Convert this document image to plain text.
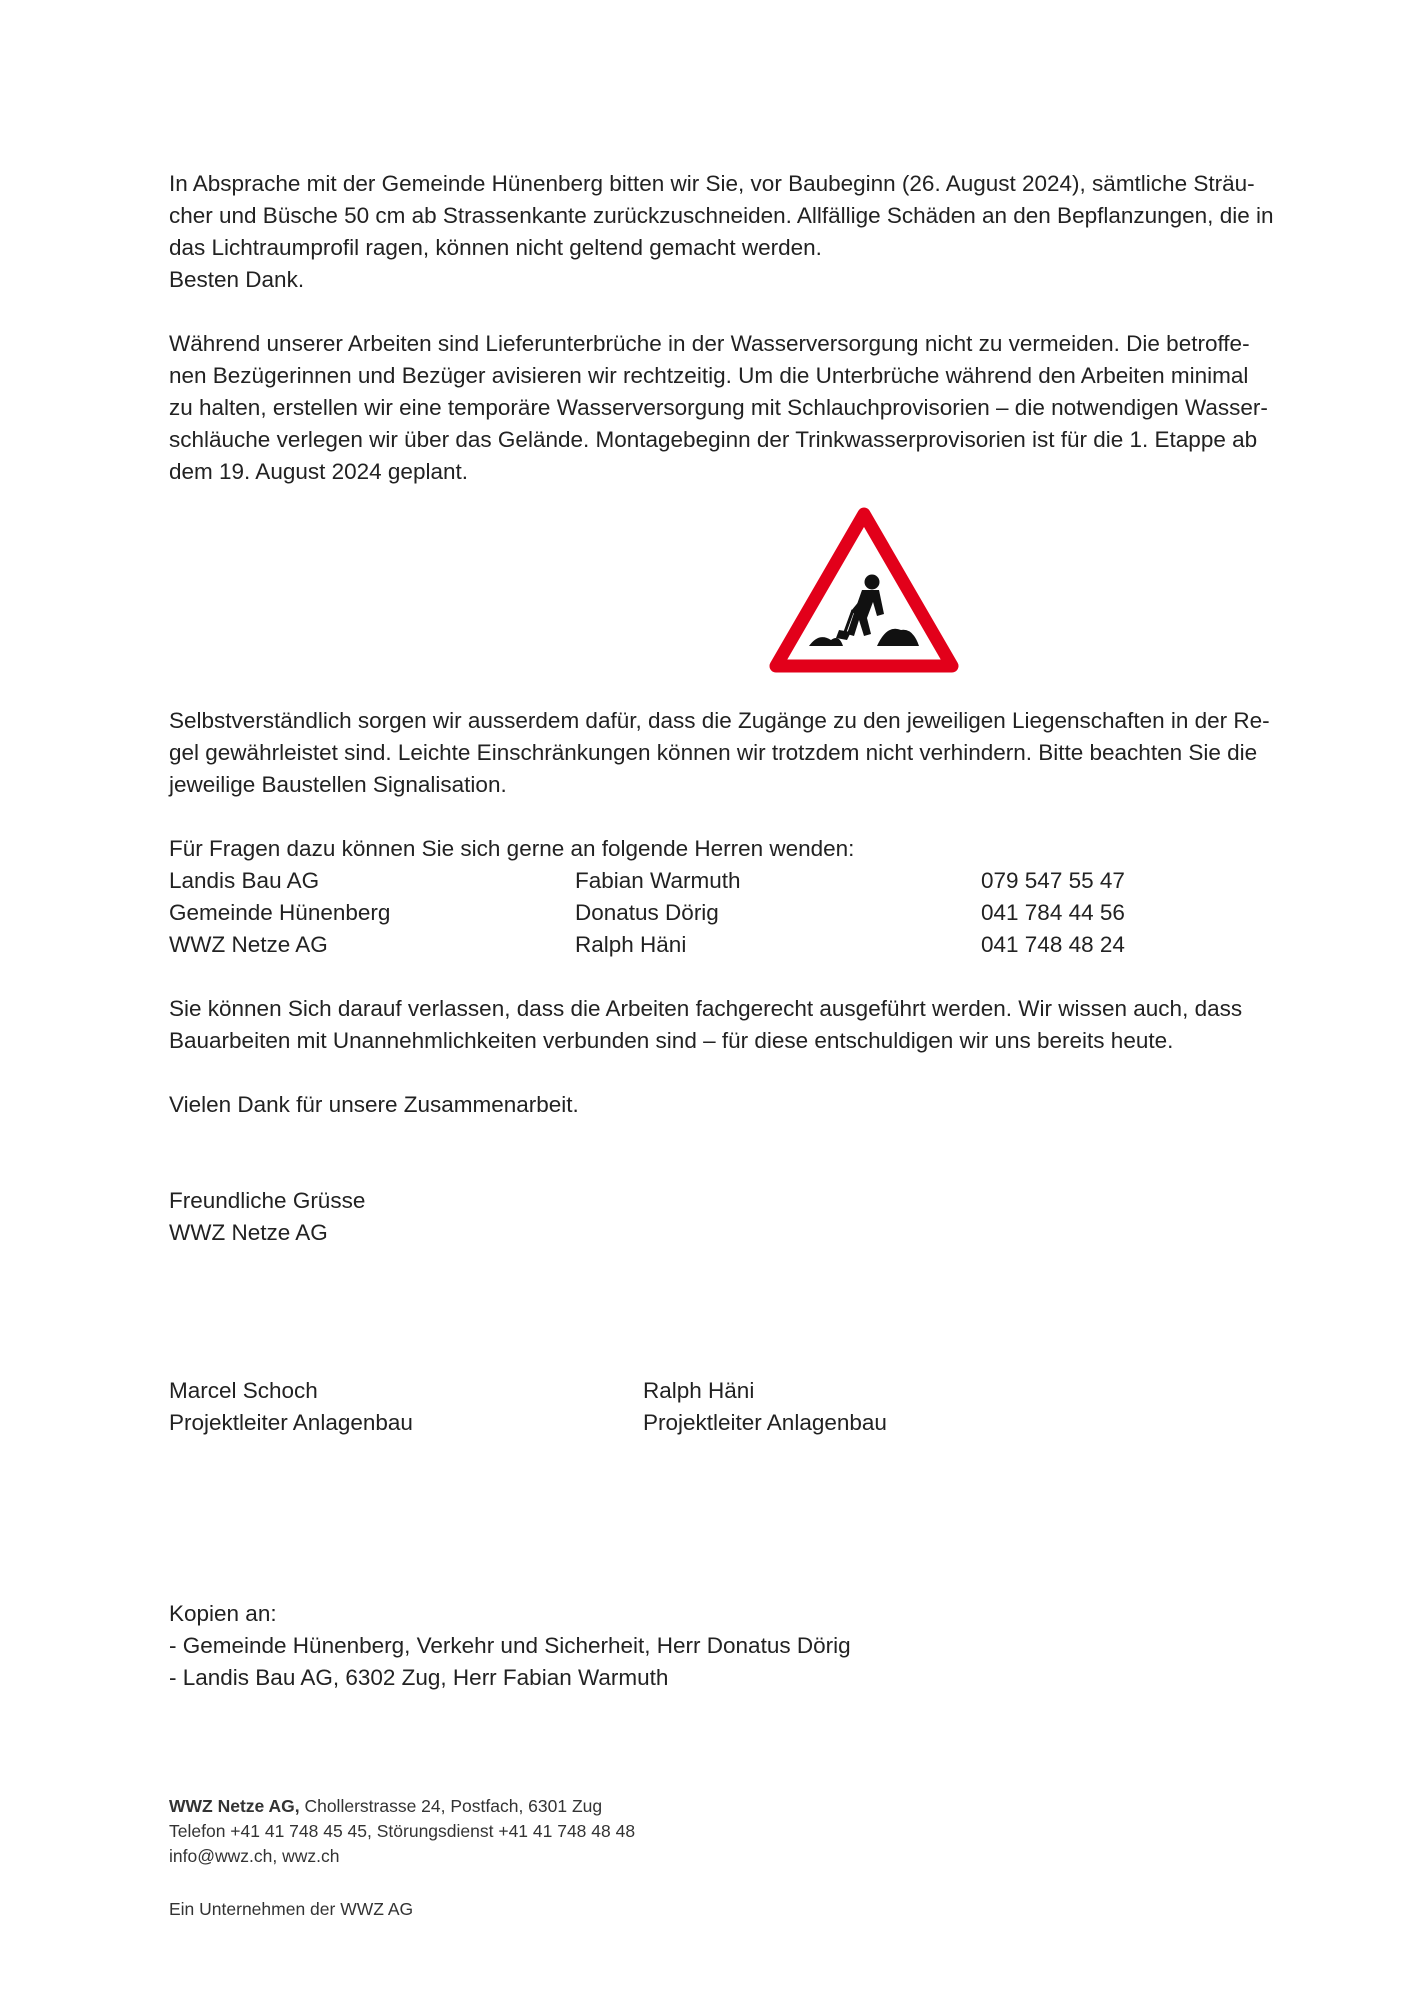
In Absprache mit der Gemeinde Hünenberg bitten wir Sie, vor Baubeginn (26. August 2024), sämtliche Sträu-
cher und Büsche 50 cm ab Strassenkante zurückzuschneiden. Allfällige Schäden an den Bepflanzungen, die in
das Lichtraumprofil ragen, können nicht geltend gemacht werden.
Besten Dank.
Während unserer Arbeiten sind Lieferunterbrüche in der Wasserversorgung nicht zu vermeiden. Die betroffe-
nen Bezügerinnen und Bezüger avisieren wir rechtzeitig. Um die Unterbrüche während den Arbeiten minimal
zu halten, erstellen wir eine temporäre Wasserversorgung mit Schlauchprovisorien – die notwendigen Wasser-
schläuche verlegen wir über das Gelände. Montagebeginn der Trinkwasserprovisorien ist für die 1. Etappe ab
dem 19. August 2024 geplant.
Selbstverständlich sorgen wir ausserdem dafür, dass die Zugänge zu den jeweiligen Liegenschaften in der Re-
gel gewährleistet sind. Leichte Einschränkungen können wir trotzdem nicht verhindern. Bitte beachten Sie die
jeweilige Baustellen Signalisation.
Für Fragen dazu können Sie sich gerne an folgende Herren wenden:
Landis Bau AG	Fabian Warmuth	079 547 55 47
Gemeinde Hünenberg	Donatus Dörig	041 784 44 56
WWZ Netze AG	Ralph Häni	041 748 48 24
Sie können Sich darauf verlassen, dass die Arbeiten fachgerecht ausgeführt werden. Wir wissen auch, dass
Bauarbeiten mit Unannehmlichkeiten verbunden sind – für diese entschuldigen wir uns bereits heute.
Vielen Dank für unsere Zusammenarbeit.
Freundliche Grüsse
WWZ Netze AG
Marcel Schoch
Projektleiter Anlagenbau
Ralph Häni
Projektleiter Anlagenbau
Kopien an:
- Gemeinde Hünenberg, Verkehr und Sicherheit, Herr Donatus Dörig
- Landis Bau AG, 6302 Zug, Herr Fabian Warmuth
WWZ Netze AG, Chollerstrasse 24, Postfach, 6301 Zug
Telefon +41 41 748 45 45, Störungsdienst +41 41 748 48 48
info@wwz.ch, wwz.ch
Ein Unternehmen der WWZ AG
